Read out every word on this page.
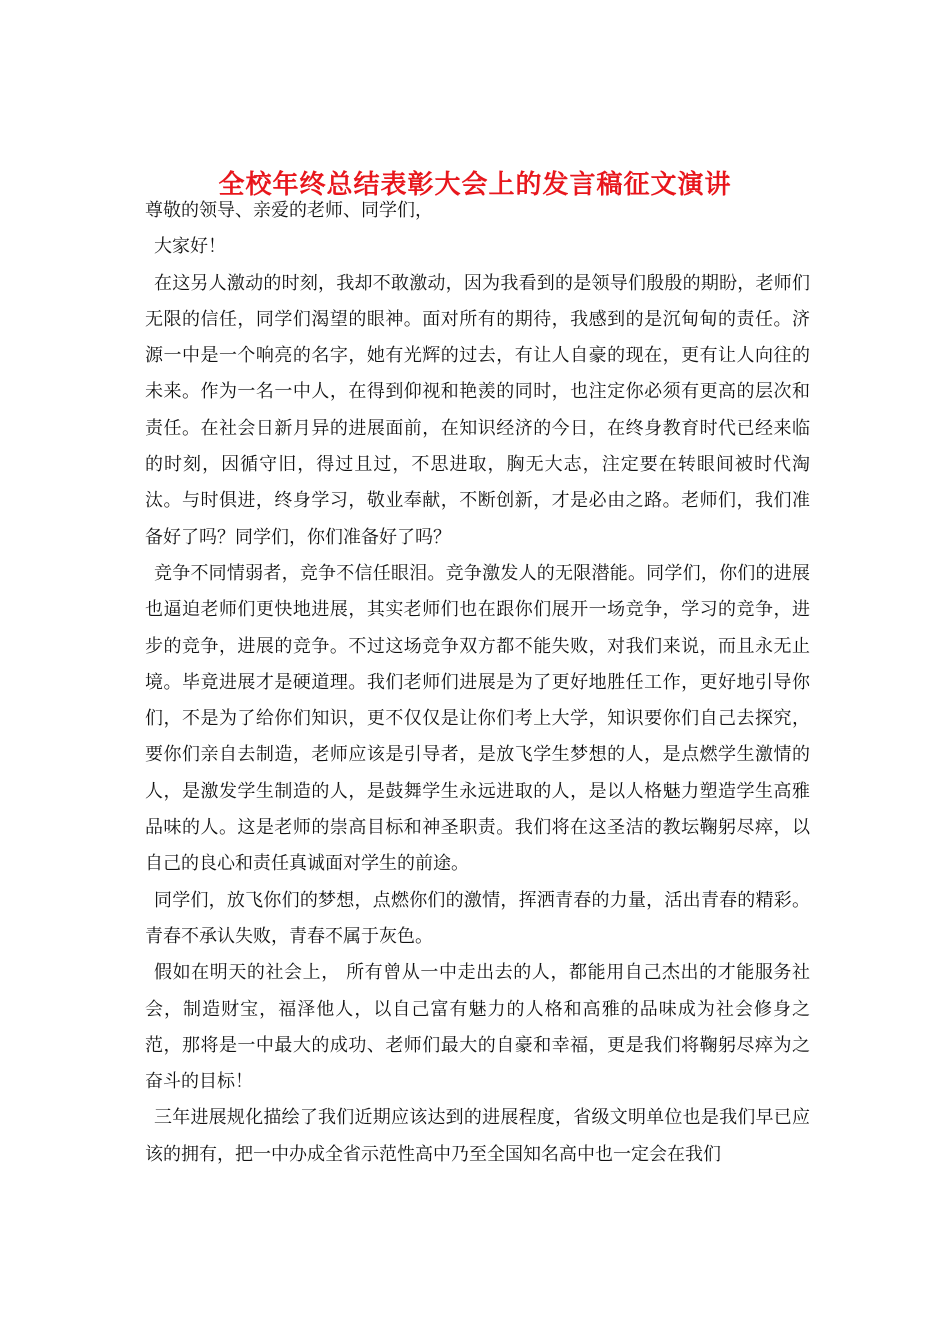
全校年终总结表彰大会上的发言稿征文演讲

尊敬的领导、亲爱的老师、同学们，

大家好！

在这另人激动的时刻，我却不敢激动，因为我看到的是领导们殷殷的期盼，老师们无限的信任，同学们渴望的眼神。面对所有的期待，我感到的是沉甸甸的责任。济源一中是一个响亮的名字，她有光辉的过去，有让人自豪的现在，更有让人向往的未来。作为一名一中人，在得到仰视和艳羡的同时，也注定你必须有更高的层次和责任。在社会日新月异的进展面前，在知识经济的今日，在终身教育时代已经来临的时刻，因循守旧，得过且过，不思进取，胸无大志，注定要在转眼间被时代淘汰。与时俱进，终身学习，敬业奉献，不断创新，才是必由之路。老师们，我们准备好了吗？同学们，你们准备好了吗？

竞争不同情弱者，竞争不信任眼泪。竞争激发人的无限潜能。同学们，你们的进展也逼迫老师们更快地进展，其实老师们也在跟你们展开一场竞争，学习的竞争，进步的竞争，进展的竞争。不过这场竞争双方都不能失败，对我们来说，而且永无止境。毕竟进展才是硬道理。我们老师们进展是为了更好地胜任工作，更好地引导你们，不是为了给你们知识，更不仅仅是让你们考上大学，知识要你们自己去探究，要你们亲自去制造，老师应该是引导者，是放飞学生梦想的人，是点燃学生激情的人，是激发学生制造的人，是鼓舞学生永远进取的人，是以人格魅力塑造学生高雅品味的人。这是老师的崇高目标和神圣职责。我们将在这圣洁的教坛鞠躬尽瘁，以自己的良心和责任真诚面对学生的前途。

同学们，放飞你们的梦想，点燃你们的激情，挥洒青春的力量，活出青春的精彩。青春不承认失败，青春不属于灰色。

假如在明天的社会上， 所有曾从一中走出去的人，都能用自己杰出的才能服务社会，制造财宝，福泽他人，以自己富有魅力的人格和高雅的品味成为社会修身之范，那将是一中最大的成功、老师们最大的自豪和幸福，更是我们将鞠躬尽瘁为之奋斗的目标！

三年进展规化描绘了我们近期应该达到的进展程度，省级文明单位也是我们早已应该的拥有，把一中办成全省示范性高中乃至全国知名高中也一定会在我们
